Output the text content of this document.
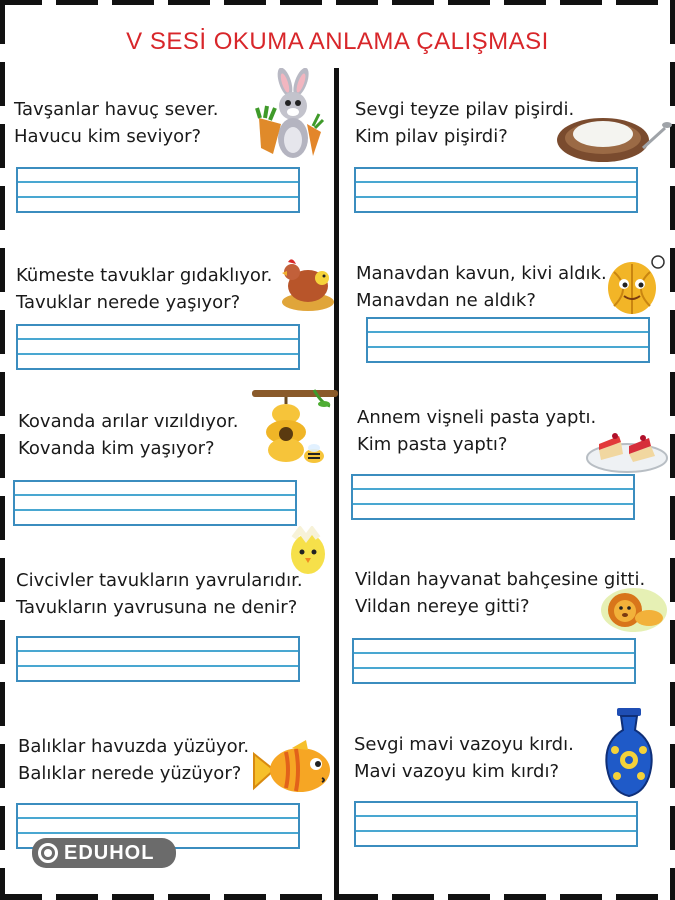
V SESİ OKUMA ANLAMA ÇALIŞMASI
Tavşanlar havuç sever.
Havucu kim seviyor?
Kümeste tavuklar gıdaklıyor.
Tavuklar nerede yaşıyor?
Kovanda arılar vızıldıyor.
Kovanda kim yaşıyor?
Civcivler tavukların yavrularıdır.
Tavukların yavrusuna ne denir?
Balıklar havuzda yüzüyor.
Balıklar nerede yüzüyor?
Sevgi teyze pilav pişirdi.
Kim pilav pişirdi?
Manavdan kavun, kivi aldık.
Manavdan ne aldık?
Annem vişneli pasta yaptı.
Kim pasta yaptı?
Vildan hayvanat bahçesine gitti.
Vildan nereye gitti?
Sevgi mavi vazoyu kırdı.
Mavi vazoyu kim kırdı?
EDUHOL
